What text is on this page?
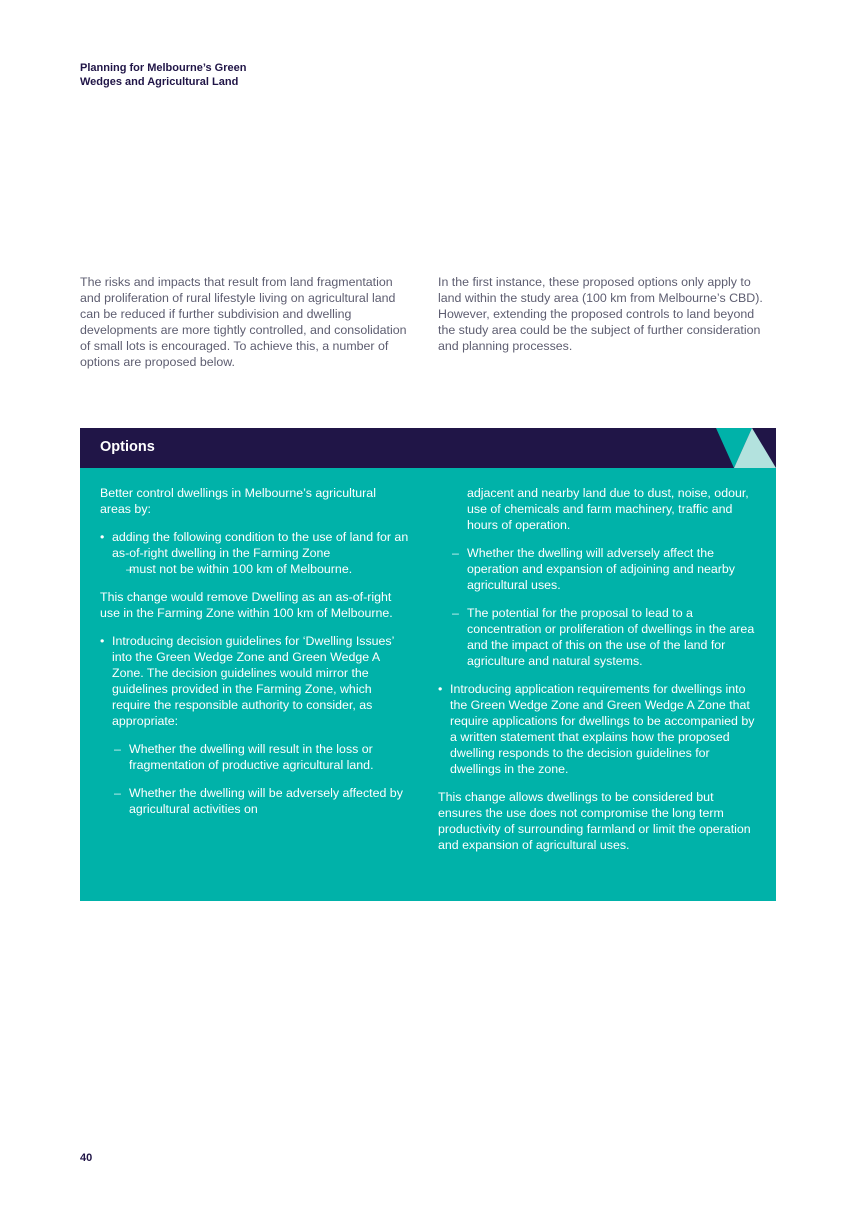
Planning for Melbourne’s Green
Wedges and Agricultural Land

The risks and impacts that result from land fragmentation and proliferation of rural lifestyle living on agricultural land can be reduced if further subdivision and dwelling developments are more tightly controlled, and consolidation of small lots is encouraged. To achieve this, a number of options are proposed below.

In the first instance, these proposed options only apply to land within the study area (100 km from Melbourne’s CBD). However, extending the proposed controls to land beyond the study area could be the subject of further consideration and planning processes.

Options

Better control dwellings in Melbourne’s agricultural areas by:

• adding the following condition to the use of land for an as-of-right dwelling in the Farming Zone
– must not be within 100 km of Melbourne.

This change would remove Dwelling as an as-of-right use in the Farming Zone within 100 km of Melbourne.

• Introducing decision guidelines for ‘Dwelling Issues’ into the Green Wedge Zone and Green Wedge A Zone. The decision guidelines would mirror the guidelines provided in the Farming Zone, which require the responsible authority to consider, as appropriate:
– Whether the dwelling will result in the loss or fragmentation of productive agricultural land.
– Whether the dwelling will be adversely affected by agricultural activities on
adjacent and nearby land due to dust, noise, odour, use of chemicals and farm machinery, traffic and hours of operation.
– Whether the dwelling will adversely affect the operation and expansion of adjoining and nearby agricultural uses.
– The potential for the proposal to lead to a concentration or proliferation of dwellings in the area and the impact of this on the use of the land for agriculture and natural systems.
• Introducing application requirements for dwellings into the Green Wedge Zone and Green Wedge A Zone that require applications for dwellings to be accompanied by a written statement that explains how the proposed dwelling responds to the decision guidelines for dwellings in the zone.

This change allows dwellings to be considered but ensures the use does not compromise the long term productivity of surrounding farmland or limit the operation and expansion of agricultural uses.

40
